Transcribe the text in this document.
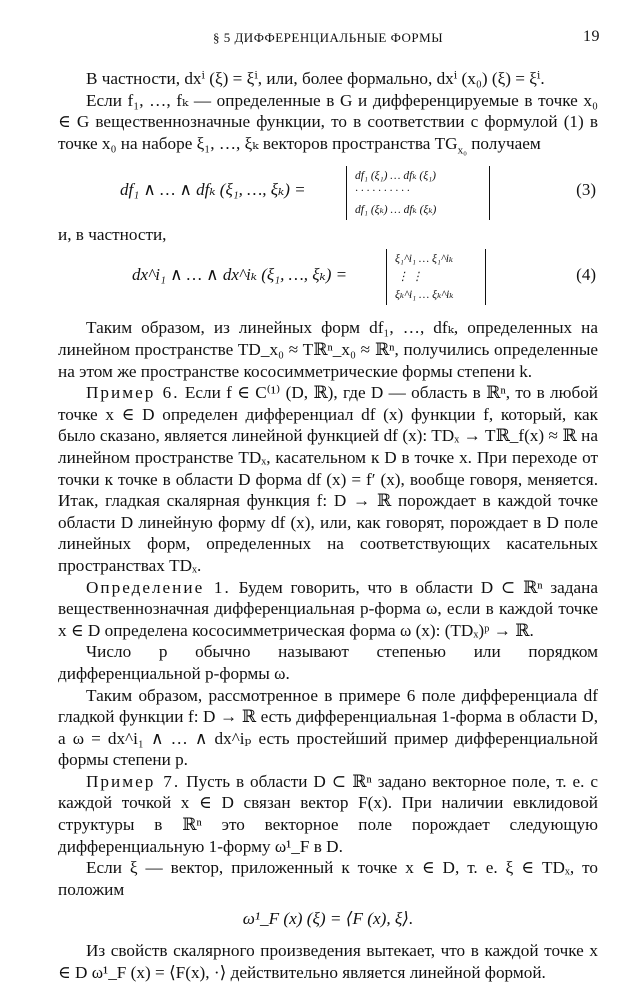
§ 5 ДИФФЕРЕНЦИАЛЬНЫЕ ФОРМЫ	19

В частности, dxⁱ (ξ) = ξⁱ, или, более формально, dxⁱ (x₀) (ξ) = ξⁱ.

Если f₁, …, fₖ — определенные в G и дифференцируемые в точке x₀ ∈ G вещественнозначные функции, то в соответствии с формулой (1) в точке x₀ на наборе ξ₁, …, ξₖ векторов пространства $TG_{x_0}$ получаем

df₁ ∧ … ∧ dfₖ (ξ₁, …, ξₖ) =
df₁ (ξ₁) … dfₖ (ξ₁)
· · · · · · · · · ·
df₁ (ξₖ) … dfₖ (ξₖ)
(3)

и, в частности,

dx^i₁ ∧ … ∧ dx^iₖ (ξ₁, …, ξₖ) =
ξ₁^i₁ … ξ₁^iₖ
⋮ ⋮
ξₖ^i₁ … ξₖ^iₖ
(4)

Таким образом, из линейных форм df₁, …, dfₖ, определенных на линейном пространстве TD_x₀ ≈ Tℝⁿ_x₀ ≈ ℝⁿ, получились определенные на этом же пространстве кососимметрические формы степени k.

Пример 6. Если f ∈ C⁽¹⁾ (D, ℝ), где D — область в ℝⁿ, то в любой точке x ∈ D определен дифференциал df (x) функции f, который, как было сказано, является линейной функцией df (x): TDₓ → Tℝ_f(x) ≈ ℝ на линейном пространстве TDₓ, касательном к D в точке x. При переходе от точки к точке в области D форма df (x) = f′ (x), вообще говоря, меняется. Итак, гладкая скалярная функция f: D → ℝ порождает в каждой точке области D линейную форму df (x), или, как говорят, порождает в D поле линейных форм, определенных на соответствующих касательных пространствах TDₓ.

Определение 1. Будем говорить, что в области D ⊂ ℝⁿ задана вещественнозначная дифференциальная p-форма ω, если в каждой точке x ∈ D определена кососимметрическая форма ω (x): (TDₓ)ᵖ → ℝ.

Число p обычно называют степенью или порядком дифференциальной p-формы ω.

Таким образом, рассмотренное в примере 6 поле дифференциала df гладкой функции f: D → ℝ есть дифференциальная 1-форма в области D, а ω = dx^i₁ ∧ … ∧ dx^iₚ есть простейший пример дифференциальной формы степени p.

Пример 7. Пусть в области D ⊂ ℝⁿ задано векторное поле, т. е. с каждой точкой x ∈ D связан вектор F(x). При наличии евклидовой структуры в ℝⁿ это векторное поле порождает следующую дифференциальную 1-форму ω¹_F в D.

Если ξ — вектор, приложенный к точке x ∈ D, т. е. ξ ∈ TDₓ, то положим

ω¹_F (x) (ξ) = ⟨F (x), ξ⟩.

Из свойств скалярного произведения вытекает, что в каждой точке x ∈ D ω¹_F (x) = ⟨F(x), ·⟩ действительно является линейной формой.
